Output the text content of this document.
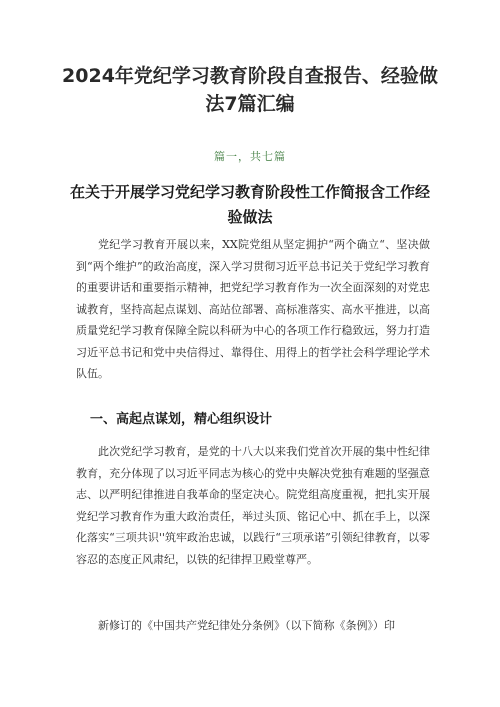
2024年党纪学习教育阶段自查报告、经验做法7篇汇编

篇一，共七篇

在关于开展学习党纪学习教育阶段性工作简报含工作经验做法

党纪学习教育开展以来，XX院党组从坚定拥护“两个确立“、坚决做到“两个维护”的政治高度，深入学习贯彻习近平总书记关于党纪学习教育的重要讲话和重要指示精神，把党纪学习教育作为一次全面深刻的对党忠诚教育，坚持高起点谋划、高站位部署、高标准落实、高水平推进，以高质量党纪学习教育保障全院以科研为中心的各项工作行稳致远，努力打造习近平总书记和党中央信得过、靠得住、用得上的哲学社会科学理论学术队伍。

一、高起点谋划，精心组织设计

此次党纪学习教育，是党的十八大以来我们党首次开展的集中性纪律教育，充分体现了以习近平同志为核心的党中央解决党独有难题的坚强意志、以严明纪律推进自我革命的坚定决心。院党组高度重视，把扎实开展党纪学习教育作为重大政治责任，举过头顶、铭记心中、抓在手上，以深化落实“三项共识''筑牢政治忠诚，以践行“三项承诺”引领纪律教育，以零容忍的态度正风肃纪，以铁的纪律捍卫殿堂尊严。

新修订的《中国共产党纪律处分条例》（以下简称《条例》）印
